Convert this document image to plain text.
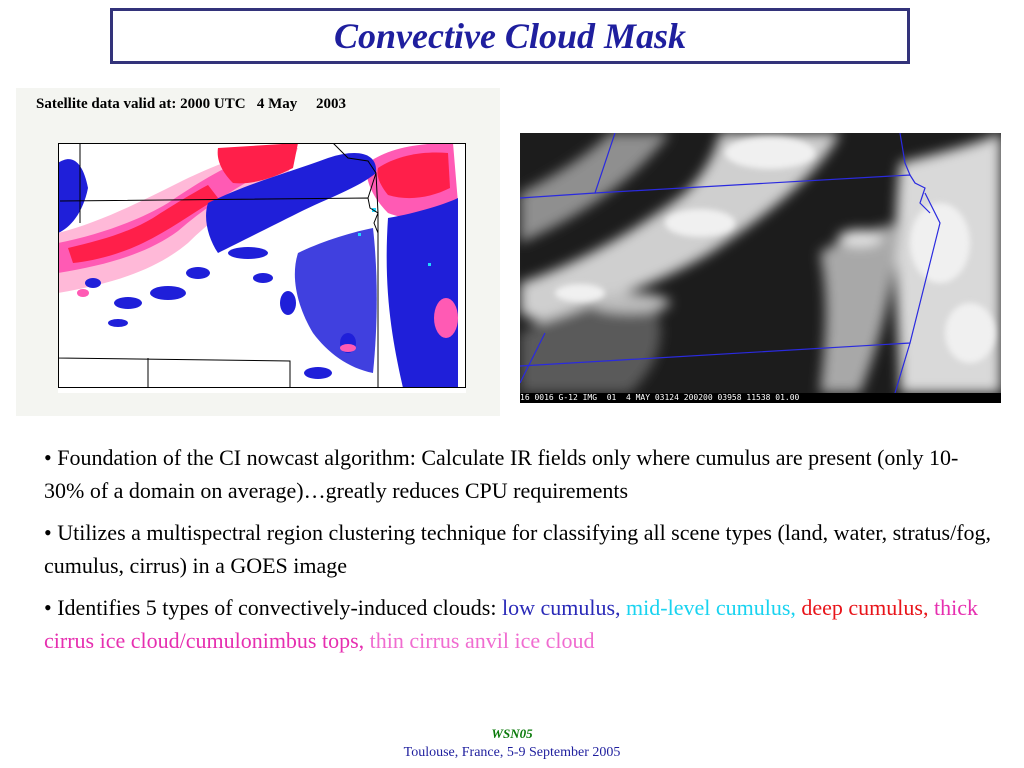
Convective Cloud Mask
Satellite data valid at: 2000 UTC   4 May     2003
16 0016 G-12 IMG  01  4 MAY 03124 200200 03958 11538 01.00

• Foundation of the CI nowcast algorithm: Calculate IR fields only where cumulus are present (only 10-30% of a domain on average)…greatly reduces CPU requirements

• Utilizes a multispectral region clustering technique for classifying all scene types (land, water, stratus/fog, cumulus, cirrus) in a GOES image

• Identifies 5 types of convectively-induced clouds: low cumulus, mid-level cumulus, deep cumulus, thick cirrus ice cloud/cumulonimbus tops, thin cirrus anvil ice cloud

WSN05
Toulouse, France, 5-9 September 2005
